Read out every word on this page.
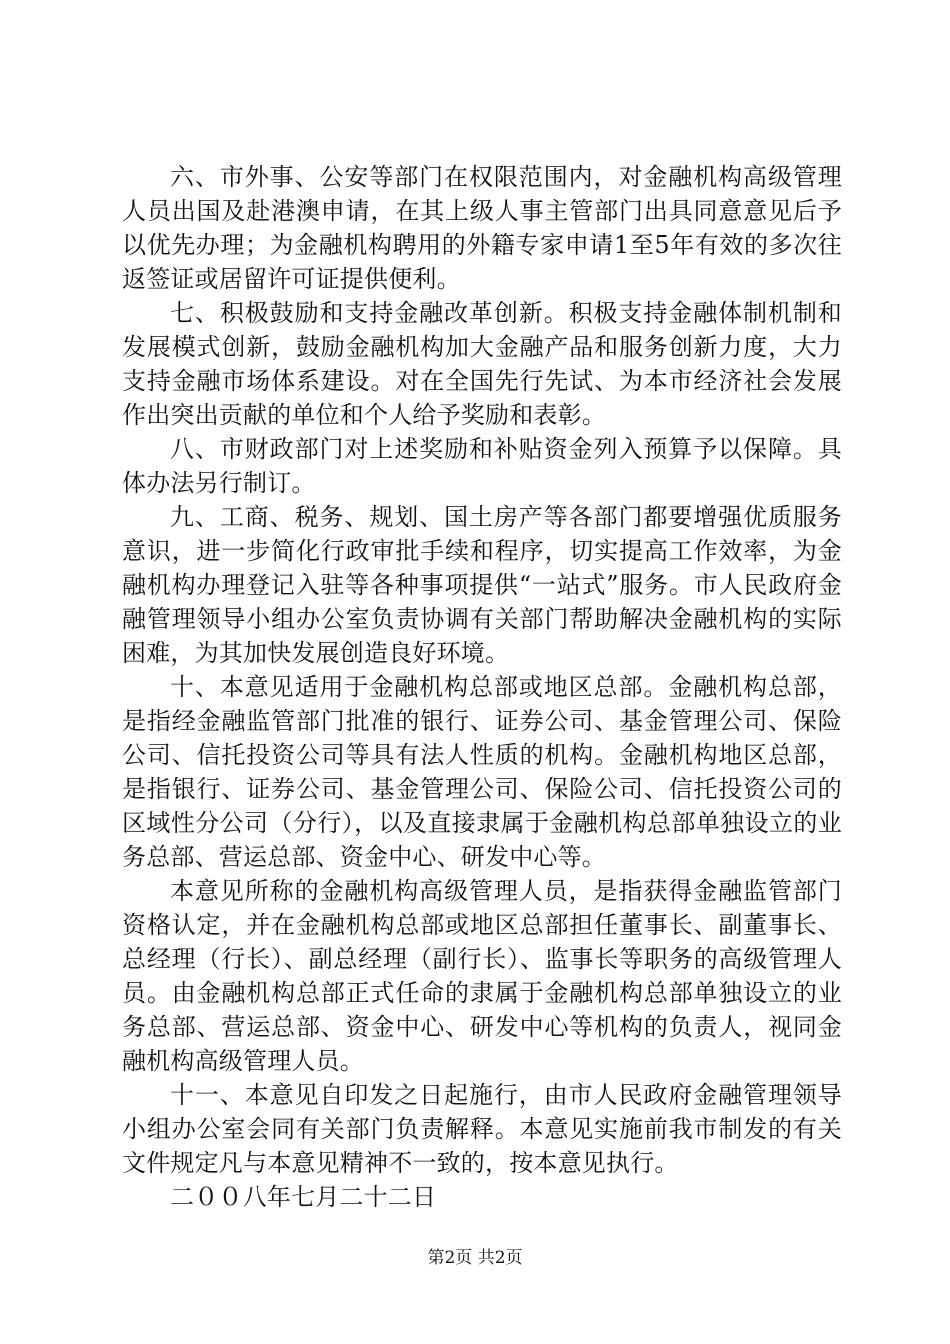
六、市外事、公安等部门在权限范围内，对金融机构高级管理人员出国及赴港澳申请，在其上级人事主管部门出具同意意见后予以优先办理；为金融机构聘用的外籍专家申请1至5年有效的多次往返签证或居留许可证提供便利。

七、积极鼓励和支持金融改革创新。积极支持金融体制机制和发展模式创新，鼓励金融机构加大金融产品和服务创新力度，大力支持金融市场体系建设。对在全国先行先试、为本市经济社会发展作出突出贡献的单位和个人给予奖励和表彰。

八、市财政部门对上述奖励和补贴资金列入预算予以保障。具体办法另行制订。

九、工商、税务、规划、国土房产等各部门都要增强优质服务意识，进一步简化行政审批手续和程序，切实提高工作效率，为金融机构办理登记入驻等各种事项提供“一站式”服务。市人民政府金融管理领导小组办公室负责协调有关部门帮助解决金融机构的实际困难，为其加快发展创造良好环境。

十、本意见适用于金融机构总部或地区总部。金融机构总部，是指经金融监管部门批准的银行、证券公司、基金管理公司、保险公司、信托投资公司等具有法人性质的机构。金融机构地区总部，是指银行、证券公司、基金管理公司、保险公司、信托投资公司的区域性分公司（分行），以及直接隶属于金融机构总部单独设立的业务总部、营运总部、资金中心、研发中心等。

本意见所称的金融机构高级管理人员，是指获得金融监管部门资格认定，并在金融机构总部或地区总部担任董事长、副董事长、总经理（行长）、副总经理（副行长）、监事长等职务的高级管理人员。由金融机构总部正式任命的隶属于金融机构总部单独设立的业务总部、营运总部、资金中心、研发中心等机构的负责人，视同金融机构高级管理人员。

十一、本意见自印发之日起施行，由市人民政府金融管理领导小组办公室会同有关部门负责解释。本意见实施前我市制发的有关文件规定凡与本意见精神不一致的，按本意见执行。

二００八年七月二十二日

第2页 共2页
